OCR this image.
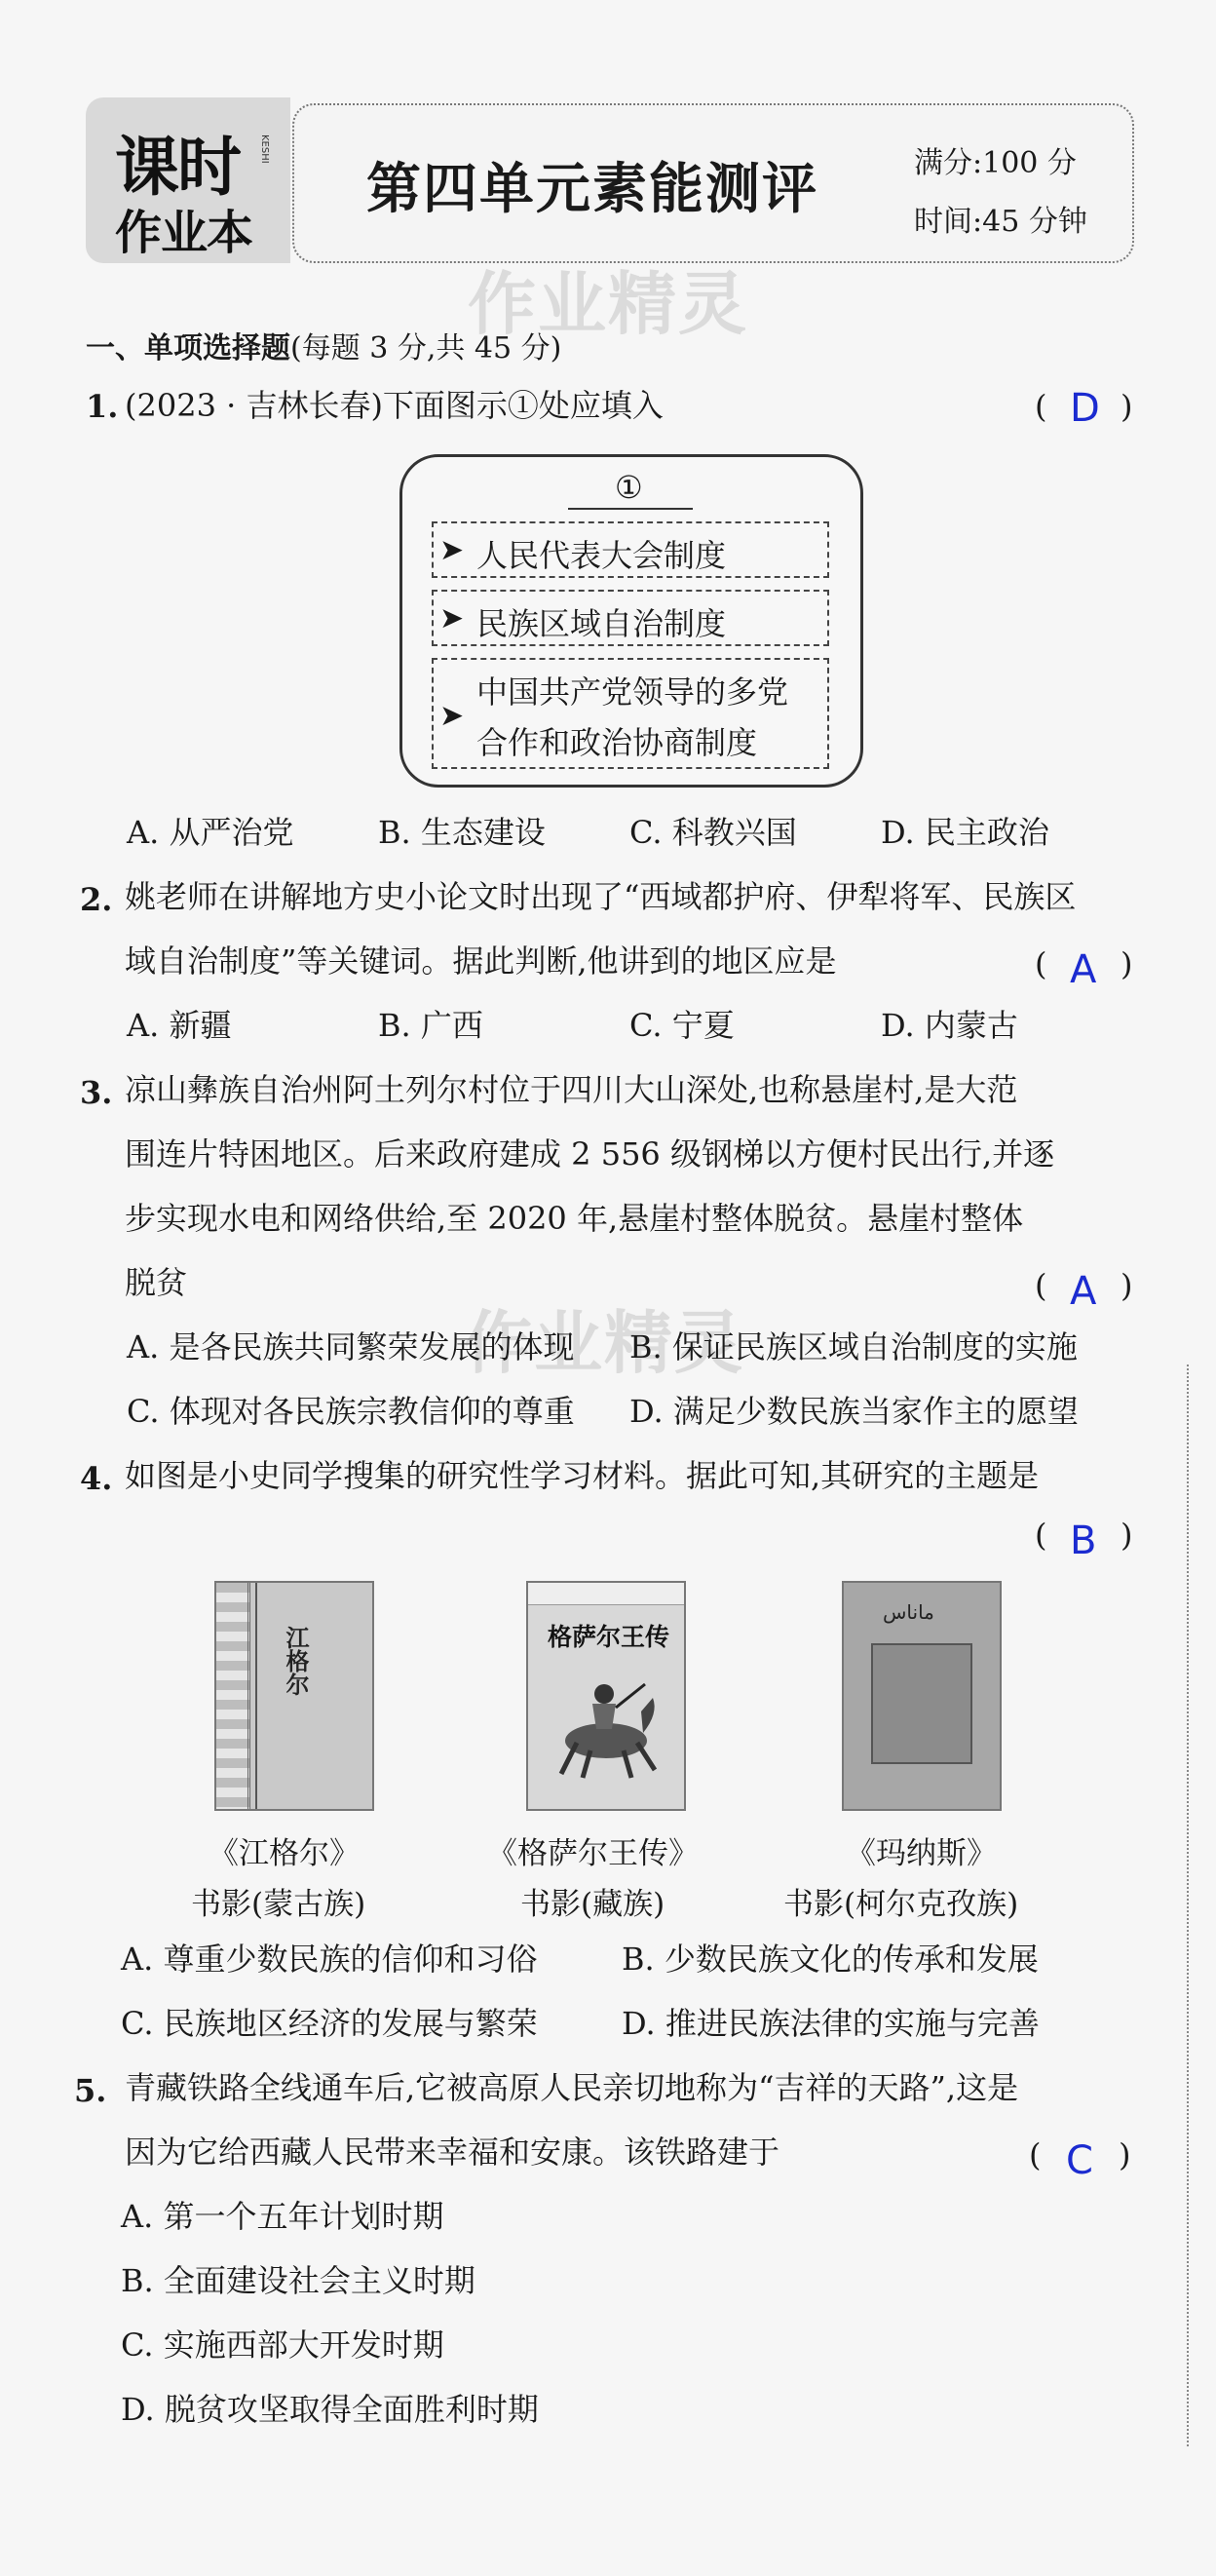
课时
作业本
KESHI
第四单元素能测评	满分:100 分
时间:45 分钟
作业精灵
作业精灵
一、单项选择题(每题 3 分,共 45 分)
1. (2023 · 吉林长春)下面图示①处应填入	( D )
①
➤ 人民代表大会制度
➤ 民族区域自治制度
➤
中国共产党领导的多党
合作和政治协商制度
A. 从严治党	B. 生态建设	C. 科教兴国	D. 民主政治
2. 姚老师在讲解地方史小论文时出现了“西域都护府、伊犁将军、民族区
域自治制度”等关键词。据此判断,他讲到的地区应是	( A )
A. 新疆	B. 广西	C. 宁夏	D. 内蒙古
3. 凉山彝族自治州阿土列尔村位于四川大山深处,也称悬崖村,是大范
围连片特困地区。后来政府建成 2 556 级钢梯以方便村民出行,并逐
步实现水电和网络供给,至 2020 年,悬崖村整体脱贫。悬崖村整体
脱贫	( A )
A. 是各民族共同繁荣发展的体现 B. 保证民族区域自治制度的实施
C. 体现对各民族宗教信仰的尊重 D. 满足少数民族当家作主的愿望
4. 如图是小史同学搜集的研究性学习材料。据此可知,其研究的主题是
( B )
江格尔	格萨尔王传
ماناس
《江格尔》
书影(蒙古族)
《格萨尔王传》
书影(藏族)
《玛纳斯》
书影(柯尔克孜族)
A. 尊重少数民族的信仰和习俗	B. 少数民族文化的传承和发展
C. 民族地区经济的发展与繁荣	D. 推进民族法律的实施与完善
5. 青藏铁路全线通车后,它被高原人民亲切地称为“吉祥的天路”,这是
因为它给西藏人民带来幸福和安康。该铁路建于	( C )
A. 第一个五年计划时期
B. 全面建设社会主义时期
C. 实施西部大开发时期
D. 脱贫攻坚取得全面胜利时期
